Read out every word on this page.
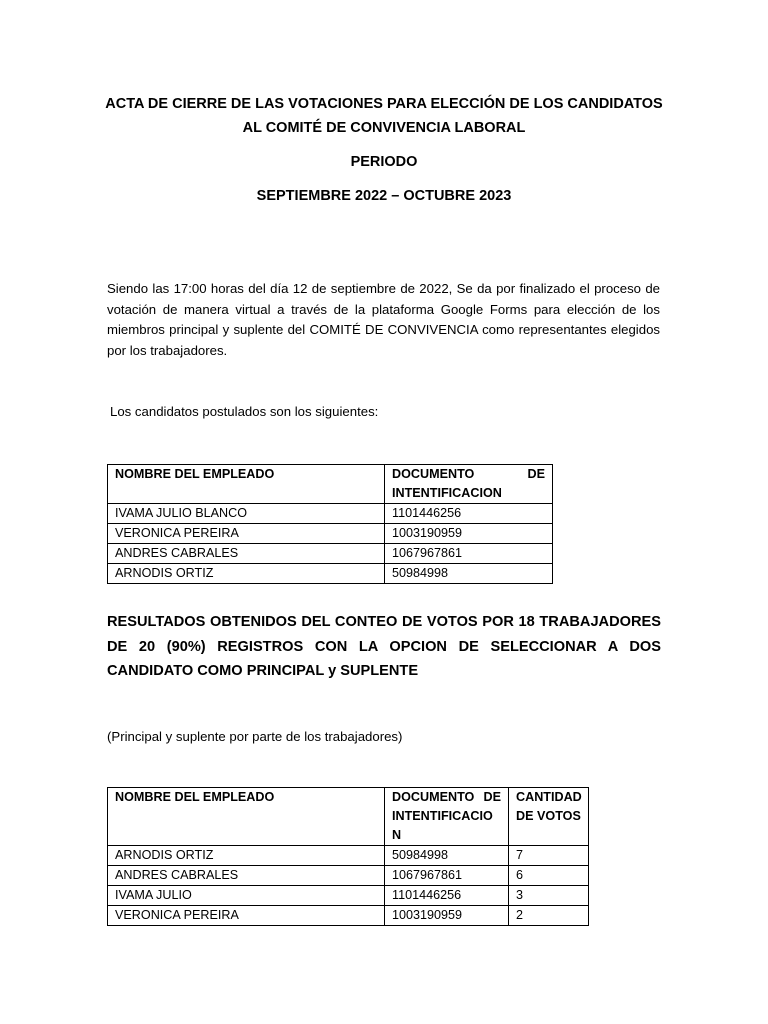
ACTA DE CIERRE DE LAS VOTACIONES PARA ELECCIÓN DE LOS CANDIDATOS
AL COMITÉ DE CONVIVENCIA LABORAL
PERIODO
SEPTIEMBRE 2022 – OCTUBRE 2023

Siendo las 17:00 horas del día 12 de septiembre de 2022, Se da por finalizado el proceso de votación de manera virtual a través de la plataforma Google Forms para elección de los miembros principal y suplente del COMITÉ DE CONVIVENCIA como representantes elegidos por los trabajadores.

Los candidatos postulados son los siguientes:
NOMBRE DEL EMPLEADO	DOCUMENTO DE INTENTIFICACION
IVAMA JULIO BLANCO	1101446256
VERONICA PEREIRA	1003190959
ANDRES CABRALES	1067967861
ARNODIS ORTIZ	50984998
RESULTADOS OBTENIDOS DEL CONTEO DE VOTOS POR 18 TRABAJADORES DE 20 (90%) REGISTROS CON LA OPCION DE SELECCIONAR A DOS CANDIDATO COMO PRINCIPAL y SUPLENTE
(Principal y suplente por parte de los trabajadores)
NOMBRE DEL EMPLEADO	DOCUMENTO DE INTENTIFICACIO N	CANTIDAD DE VOTOS
ARNODIS ORTIZ	50984998	7
ANDRES CABRALES	1067967861	6
IVAMA JULIO	1101446256	3
VERONICA PEREIRA	1003190959	2
